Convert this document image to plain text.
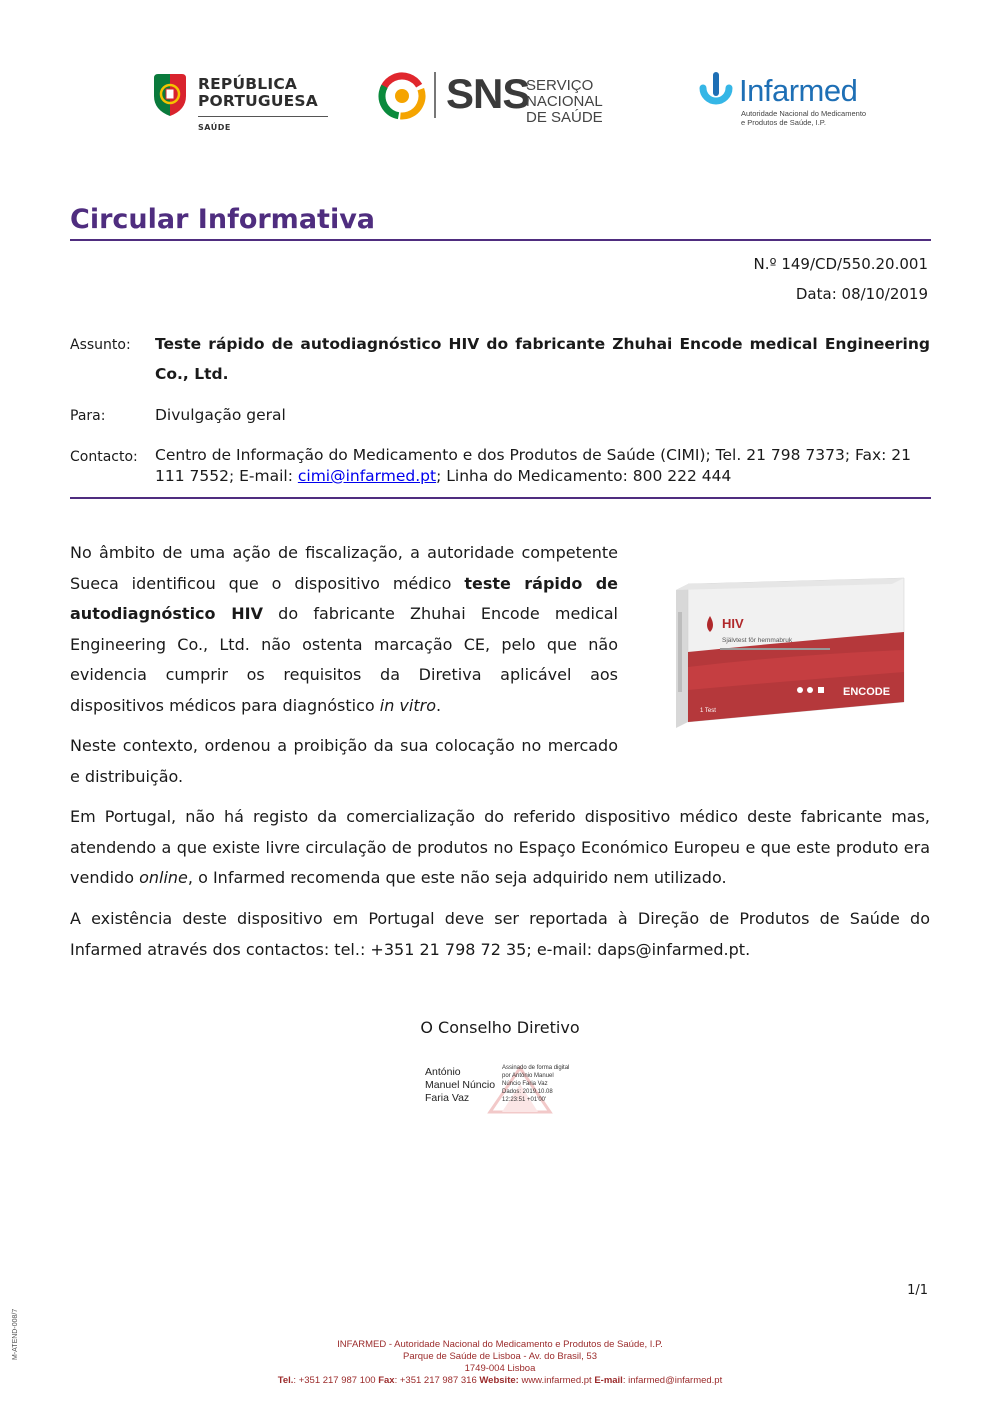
REPÚBLICA
PORTUGUESA
SAÚDE
SNS
SERVIÇO NACIONAL
DE SAÚDE
Infarmed
Autoridade Nacional do Medicamento
e Produtos de Saúde, I.P.
Circular Informativa
N.º 149/CD/550.20.001
Data: 08/10/2019
Assunto: Teste rápido de autodiagnóstico HIV do fabricante Zhuhai Encode medical Engineering Co., Ltd.
Para:	Divulgação geral
Contacto: Centro de Informação do Medicamento e dos Produtos de Saúde (CIMI); Tel. 21 798 7373; Fax: 21 111 7552; E-mail: cimi@infarmed.pt; Linha do Medicamento: 800 222 444
No âmbito de uma ação de fiscalização, a autoridade competente Sueca identificou que o dispositivo médico teste rápido de autodiagnóstico HIV do fabricante Zhuhai Encode medical Engineering Co., Ltd. não ostenta marcação CE, pelo que não evidencia cumprir os requisitos da Diretiva aplicável aos dispositivos médicos para diagnóstico in vitro.
HIV
Självtest för hemmabruk
ENCODE
1 Test
Neste contexto, ordenou a proibição da sua colocação no mercado e distribuição.
Em Portugal, não há registo da comercialização do referido dispositivo médico deste fabricante mas, atendendo a que existe livre circulação de produtos no Espaço Económico Europeu e que este produto era vendido online, o Infarmed recomenda que este não seja adquirido nem utilizado.
A existência deste dispositivo em Portugal deve ser reportada à Direção de Produtos de Saúde do Infarmed através dos contactos: tel.: +351 21 798 72 35; e-mail: daps@infarmed.pt.
O Conselho Diretivo
António
Manuel Núncio
Faria Vaz
Assinado de forma digital
por António Manuel
Núncio Faria Vaz
Dados: 2019.10.08
12:23:51 +01'00'
1/1
M-ATEND-008/7	INFARMED - Autoridade Nacional do Medicamento e Produtos de Saúde, I.P.
Parque de Saúde de Lisboa - Av. do Brasil, 53
1749-004 Lisboa
Tel.: +351 217 987 100 Fax: +351 217 987 316 Website: www.infarmed.pt E-mail: infarmed@infarmed.pt
